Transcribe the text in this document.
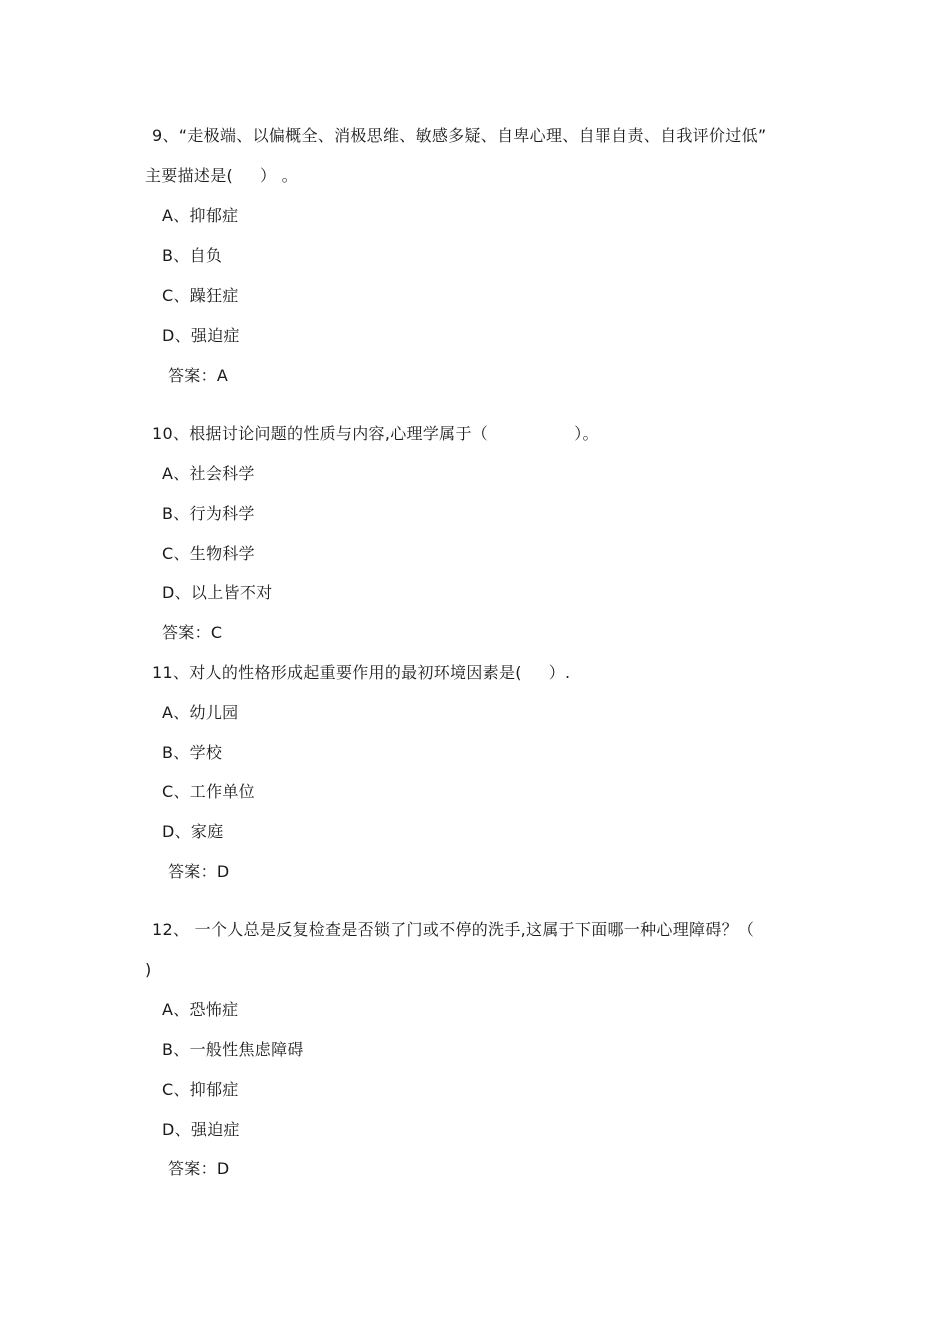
9、“走极端、以偏概全、消极思维、敏感多疑、自卑心理、自罪自责、自我评价过低”
主要描述是(     ） 。
A、抑郁症
B、自负
C、躁狂症
D、强迫症
答案：A
10、根据讨论问题的性质与内容,心理学属于（                ）。
A、社会科学
B、行为科学
C、生物科学
D、以上皆不对
答案：C
11、对人的性格形成起重要作用的最初环境因素是(     ）.
A、幼儿园
B、学校
C、工作单位
D、家庭
答案：D
12、 一个人总是反复检查是否锁了门或不停的洗手,这属于下面哪一种心理障碍？（
)
A、恐怖症
B、一般性焦虑障碍
C、抑郁症
D、强迫症
答案：D
